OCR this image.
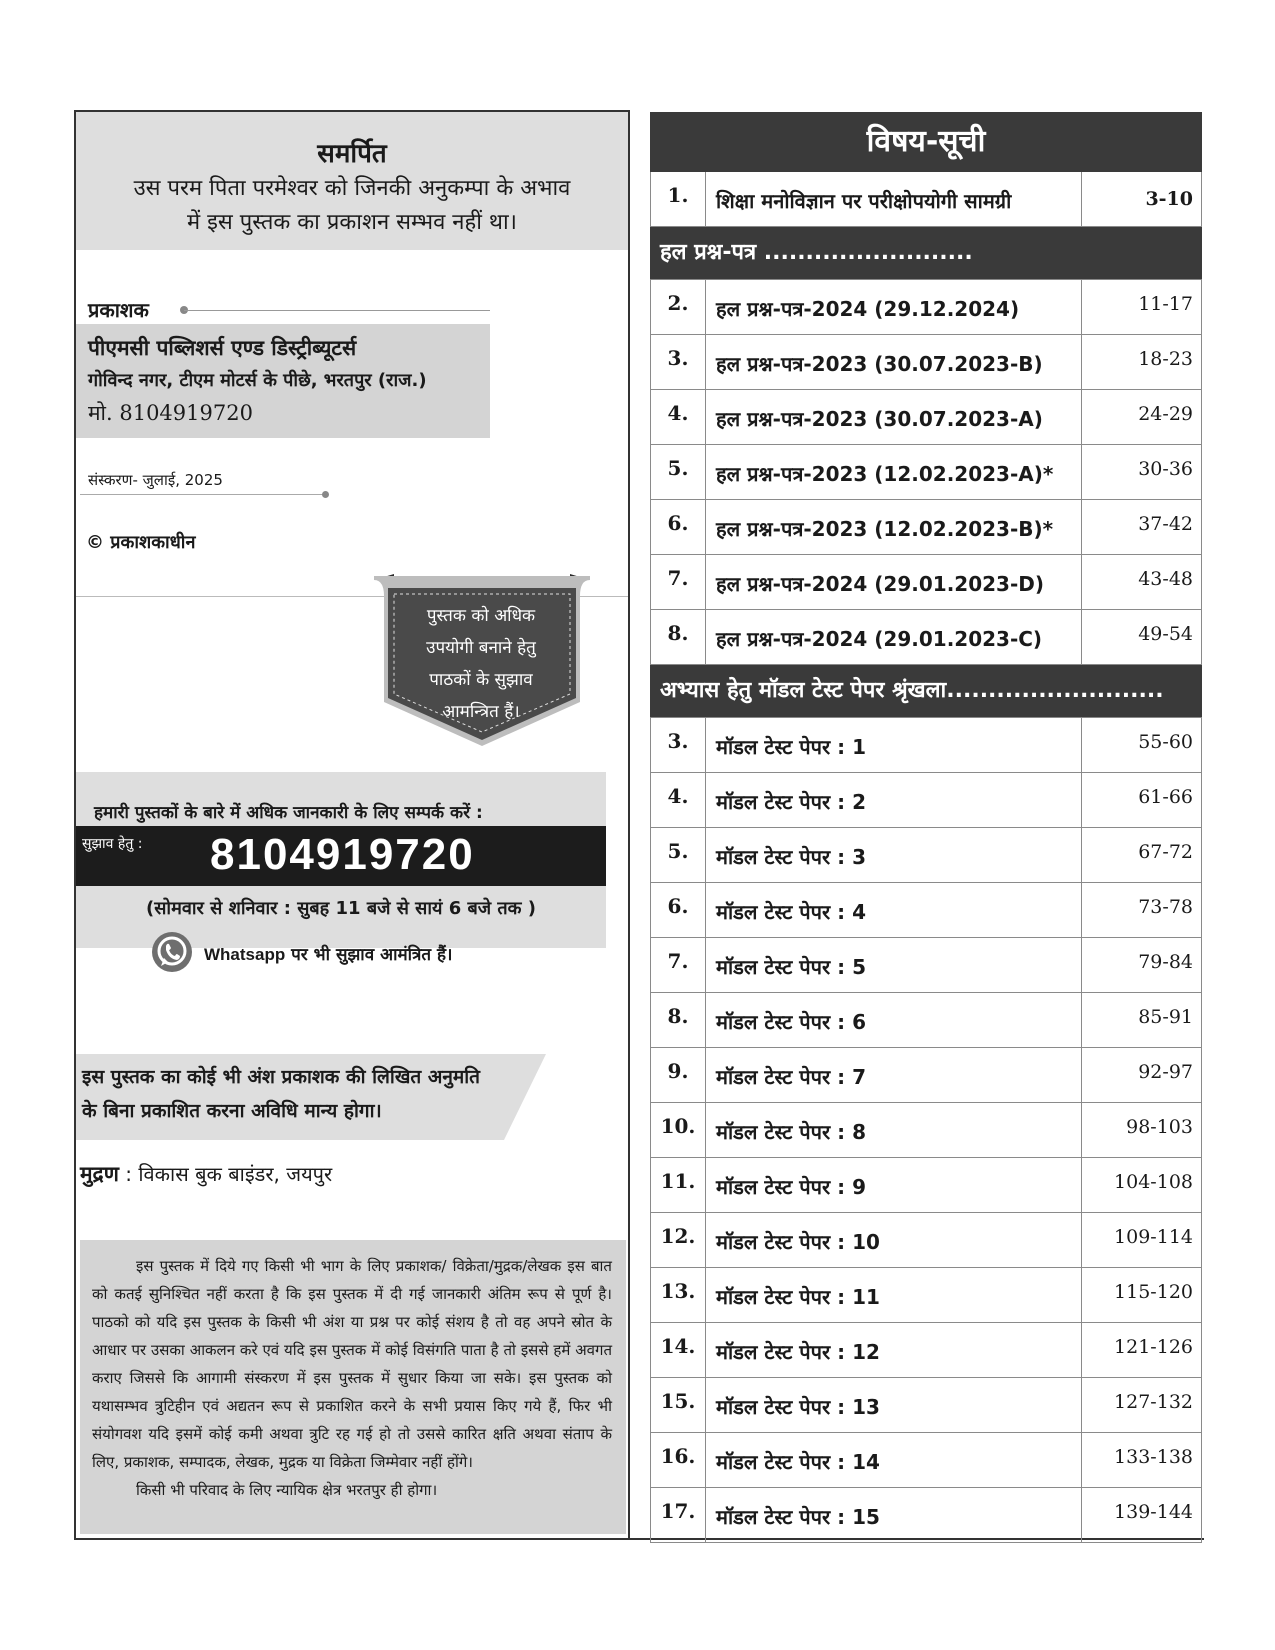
समर्पित
उस परम पिता परमेश्वर को जिनकी अनुकम्पा के अभाव
में इस पुस्तक का प्रकाशन सम्भव नहीं था।
प्रकाशक
पीएमसी पब्लिशर्स एण्ड डिस्ट्रीब्यूटर्स
गोविन्द नगर, टीएम मोटर्स के पीछे, भरतपुर (राज.)
मो. 8104919720
संस्करण- जुलाई, 2025
© प्रकाशकाधीन
पुस्तक को अधिक
उपयोगी बनाने हेतु
पाठकों के सुझाव
आमन्त्रित हैं।
हमारी पुस्तकों के बारे में अधिक जानकारी के लिए सम्पर्क करें :
सुझाव हेतु : 8104919720
(सोमवार से शनिवार : सुबह 11 बजे से सायं 6 बजे तक )
Whatsapp पर भी सुझाव आमंत्रित हैं।
इस पुस्तक का कोई भी अंश प्रकाशक की लिखित अनुमति
के बिना प्रकाशित करना अविधि मान्य होगा।
मुद्रण : विकास बुक बाइंडर, जयपुर

इस पुस्तक में दिये गए किसी भी भाग के लिए प्रकाशक/ विक्रेता/मुद्रक/लेखक इस बात को कतई सुनिश्चित नहीं करता है कि इस पुस्तक में दी गई जानकारी अंतिम रूप से पूर्ण है। पाठको को यदि इस पुस्तक के किसी भी अंश या प्रश्न पर कोई संशय है तो वह अपने स्रोत के आधार पर उसका आकलन करे एवं यदि इस पुस्तक में कोई विसंगति पाता है तो इससे हमें अवगत कराए जिससे कि आगामी संस्करण में इस पुस्तक में सुधार किया जा सके। इस पुस्तक को यथासम्भव त्रुटिहीन एवं अद्यतन रूप से प्रकाशित करने के सभी प्रयास किए गये हैं, फिर भी संयोगवश यदि इसमें कोई कमी अथवा त्रुटि रह गई हो तो उससे कारित क्षति अथवा संताप के लिए, प्रकाशक, सम्पादक, लेखक, मुद्रक या विक्रेता जिम्मेवार नहीं होंगे।

किसी भी परिवाद के लिए न्यायिक क्षेत्र भरतपुर ही होगा।

विषय-सूची
1.	शिक्षा मनोविज्ञान पर परीक्षोपयोगी सामग्री	3-10
हल प्रश्न-पत्र .........................
2.	हल प्रश्न-पत्र-2024 (29.12.2024)	11-17
3.	हल प्रश्न-पत्र-2023 (30.07.2023-B)	18-23
4.	हल प्रश्न-पत्र-2023 (30.07.2023-A)	24-29
5.	हल प्रश्न-पत्र-2023 (12.02.2023-A)*	30-36
6.	हल प्रश्न-पत्र-2023 (12.02.2023-B)*	37-42
7.	हल प्रश्न-पत्र-2024 (29.01.2023-D)	43-48
8.	हल प्रश्न-पत्र-2024 (29.01.2023-C)	49-54
अभ्यास हेतु मॉडल टेस्ट पेपर श्रृंखला..........................
3.	मॉडल टेस्ट पेपर : 1	55-60
4.	मॉडल टेस्ट पेपर : 2	61-66
5.	मॉडल टेस्ट पेपर : 3	67-72
6.	मॉडल टेस्ट पेपर : 4	73-78
7.	मॉडल टेस्ट पेपर : 5	79-84
8.	मॉडल टेस्ट पेपर : 6	85-91
9.	मॉडल टेस्ट पेपर : 7	92-97
10.	मॉडल टेस्ट पेपर : 8	98-103
11.	मॉडल टेस्ट पेपर : 9	104-108
12.	मॉडल टेस्ट पेपर : 10	109-114
13.	मॉडल टेस्ट पेपर : 11	115-120
14.	मॉडल टेस्ट पेपर : 12	121-126
15.	मॉडल टेस्ट पेपर : 13	127-132
16.	मॉडल टेस्ट पेपर : 14	133-138
17.	मॉडल टेस्ट पेपर : 15	139-144
